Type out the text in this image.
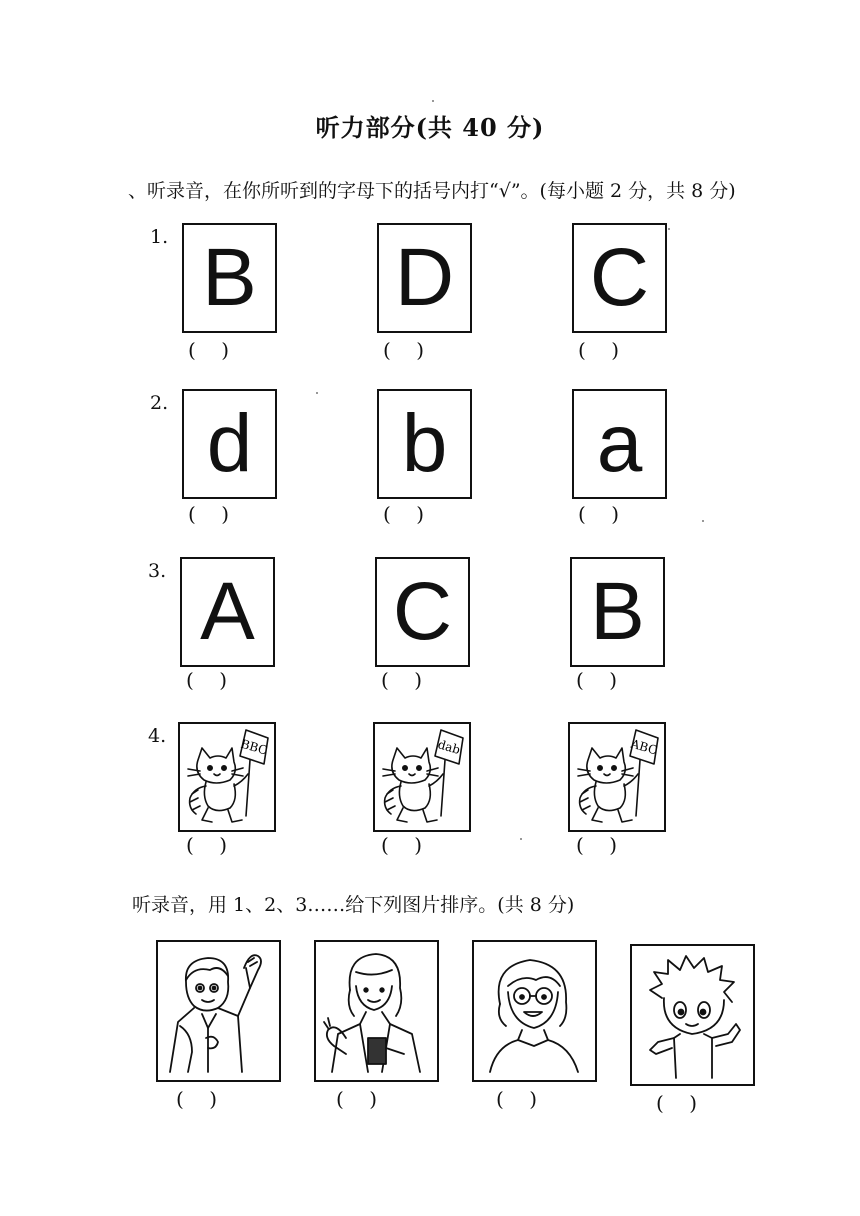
听力部分(共 40 分)
、听录音，在你所听到的字母下的括号内打“√”。(每小题 2 分，共 8 分)
1. B D C
(    )	(    )	(    )
2. d	b	a
(    )	(    )	(    )
3. A C B
(    )	(    )	(    )
4.
BBC	dab	ABC
(    )	(    )	(    )
听录音，用 1、2、3……给下列图片排序。(共 8 分)
(    )	(    )	(    )	(    )
